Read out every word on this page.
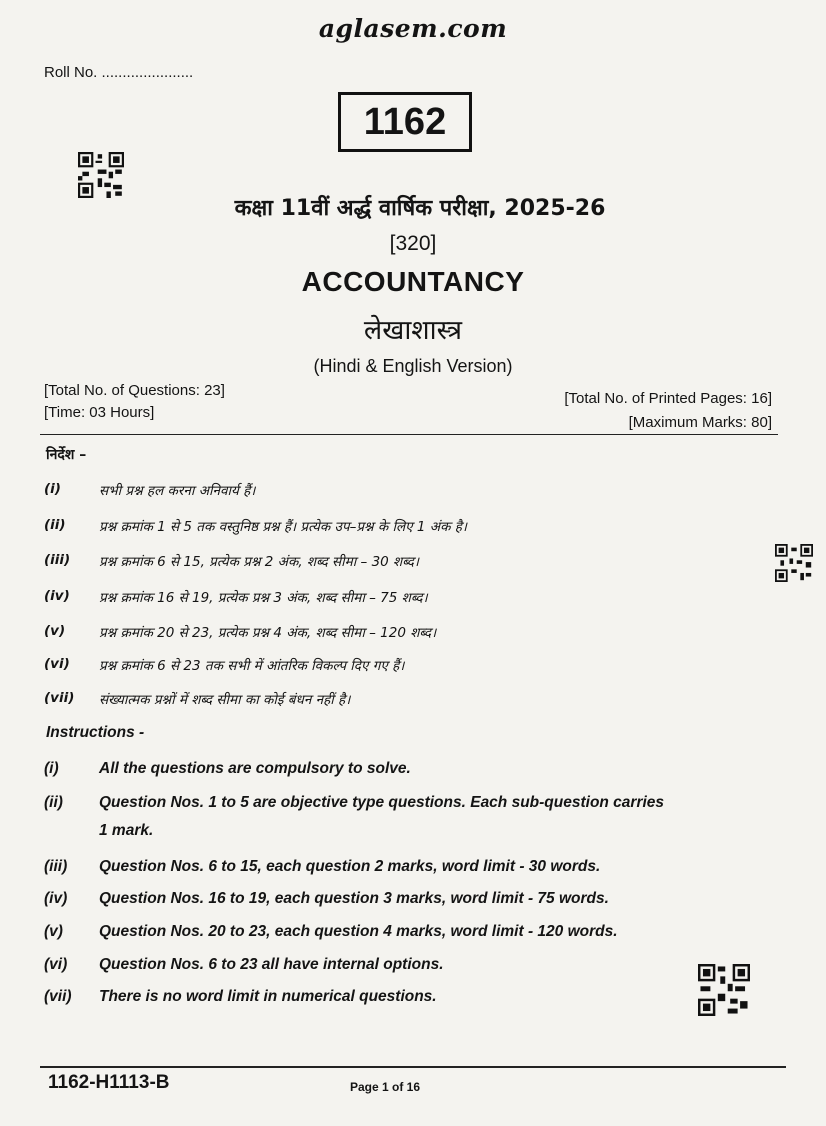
aglasem.com
Roll No. ......................
1162
कक्षा 11वीं अर्द्ध वार्षिक परीक्षा, 2025-26
[320]
ACCOUNTANCY
लेखाशास्त्र
(Hindi & English Version)
[Total No. of Questions: 23]
[Time: 03 Hours]
[Total No. of Printed Pages: 16]
[Maximum Marks: 80]
निर्देश –
(i)	सभी प्रश्न हल करना अनिवार्य हैं।
(ii) प्रश्न क्रमांक 1 से 5 तक वस्तुनिष्ठ प्रश्न हैं। प्रत्येक उप–प्रश्न के लिए 1 अंक है।
(iii) प्रश्न क्रमांक 6 से 15, प्रत्येक प्रश्न 2 अंक, शब्द सीमा – 30 शब्द।
(iv) प्रश्न क्रमांक 16 से 19, प्रत्येक प्रश्न 3 अंक, शब्द सीमा – 75 शब्द।
(v)	प्रश्न क्रमांक 20 से 23, प्रत्येक प्रश्न 4 अंक, शब्द सीमा – 120 शब्द।
(vi) प्रश्न क्रमांक 6 से 23 तक सभी में आंतरिक विकल्प दिए गए हैं।
(vii) संख्यात्मक प्रश्नों में शब्द सीमा का कोई बंधन नहीं है।
Instructions -
(i)	All the questions are compulsory to solve.
(ii) Question Nos. 1 to 5 are objective type questions. Each sub-question carries
1 mark.
(iii) Question Nos. 6 to 15, each question 2 marks, word limit - 30 words.
(iv) Question Nos. 16 to 19, each question 3 marks, word limit - 75 words.
(v) Question Nos. 20 to 23, each question 4 marks, word limit - 120 words.
(vi) Question Nos. 6 to 23 all have internal options.
(vii) There is no word limit in numerical questions.
1162-H1113-B	Page 1 of 16
